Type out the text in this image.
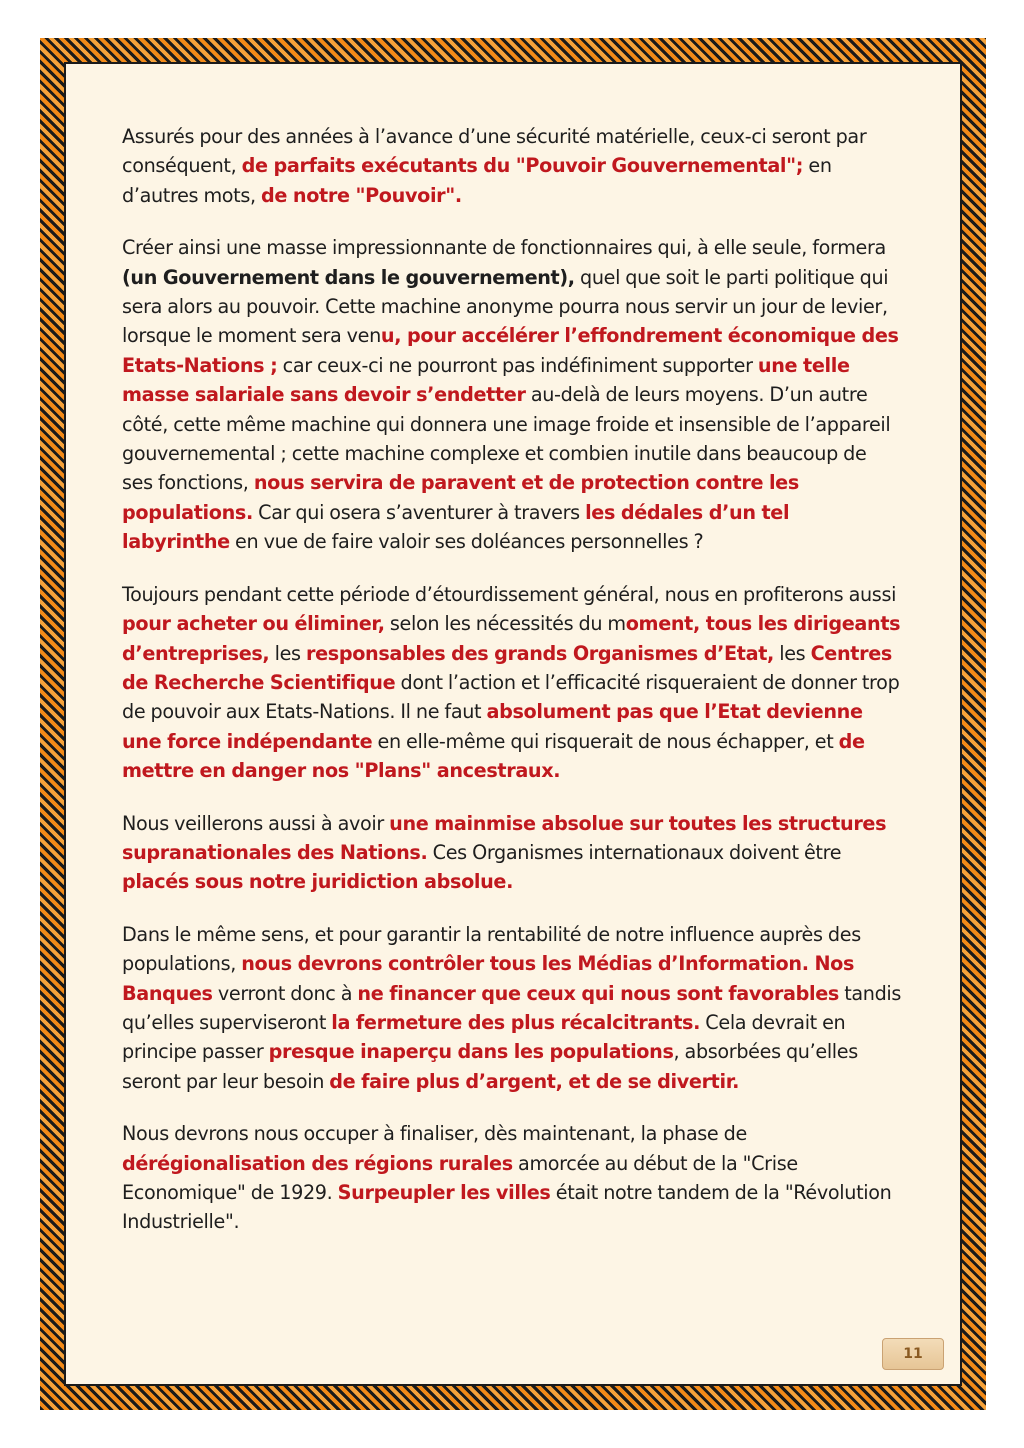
Assurés pour des années à l’avance d’une sécurité matérielle, ceux-ci seront par conséquent, de parfaits exécutants du "Pouvoir Gouvernemental"; en d’autres mots, de notre "Pouvoir".

Créer ainsi une masse impressionnante de fonctionnaires qui, à elle seule, formera (un Gouvernement dans le gouvernement), quel que soit le parti politique qui sera alors au pouvoir. Cette machine anonyme pourra nous servir un jour de levier, lorsque le moment sera venu, pour accélérer l’effondrement économique des Etats-Nations ; car ceux-ci ne pourront pas indéfiniment supporter une telle masse salariale sans devoir s’endetter au-delà de leurs moyens. D’un autre côté, cette même machine qui donnera une image froide et insensible de l’appareil gouvernemental ; cette machine complexe et combien inutile dans beaucoup de ses fonctions, nous servira de paravent et de protection contre les populations. Car qui osera s’aventurer à travers les dédales d’un tel labyrinthe en vue de faire valoir ses doléances personnelles ?

Toujours pendant cette période d’étourdissement général, nous en profiterons aussi pour acheter ou éliminer, selon les nécessités du moment, tous les dirigeants d’entreprises, les responsables des grands Organismes d’Etat, les Centres de Recherche Scientifique dont l’action et l’efficacité risqueraient de donner trop de pouvoir aux Etats-Nations. Il ne faut absolument pas que l’Etat devienne une force indépendante en elle-même qui risquerait de nous échapper, et de mettre en danger nos "Plans" ancestraux.

Nous veillerons aussi à avoir une mainmise absolue sur toutes les structures supranationales des Nations. Ces Organismes internationaux doivent être placés sous notre juridiction absolue.

Dans le même sens, et pour garantir la rentabilité de notre influence auprès des populations, nous devrons contrôler tous les Médias d’Information. Nos Banques verront donc à ne financer que ceux qui nous sont favorables tandis qu’elles superviseront la fermeture des plus récalcitrants. Cela devrait en principe passer presque inaperçu dans les populations, absorbées qu’elles seront par leur besoin de faire plus d’argent, et de se divertir.

Nous devrons nous occuper à finaliser, dès maintenant, la phase de dérégionalisation des régions rurales amorcée au début de la "Crise Economique" de 1929. Surpeupler les villes était notre tandem de la "Révolution Industrielle".

11
